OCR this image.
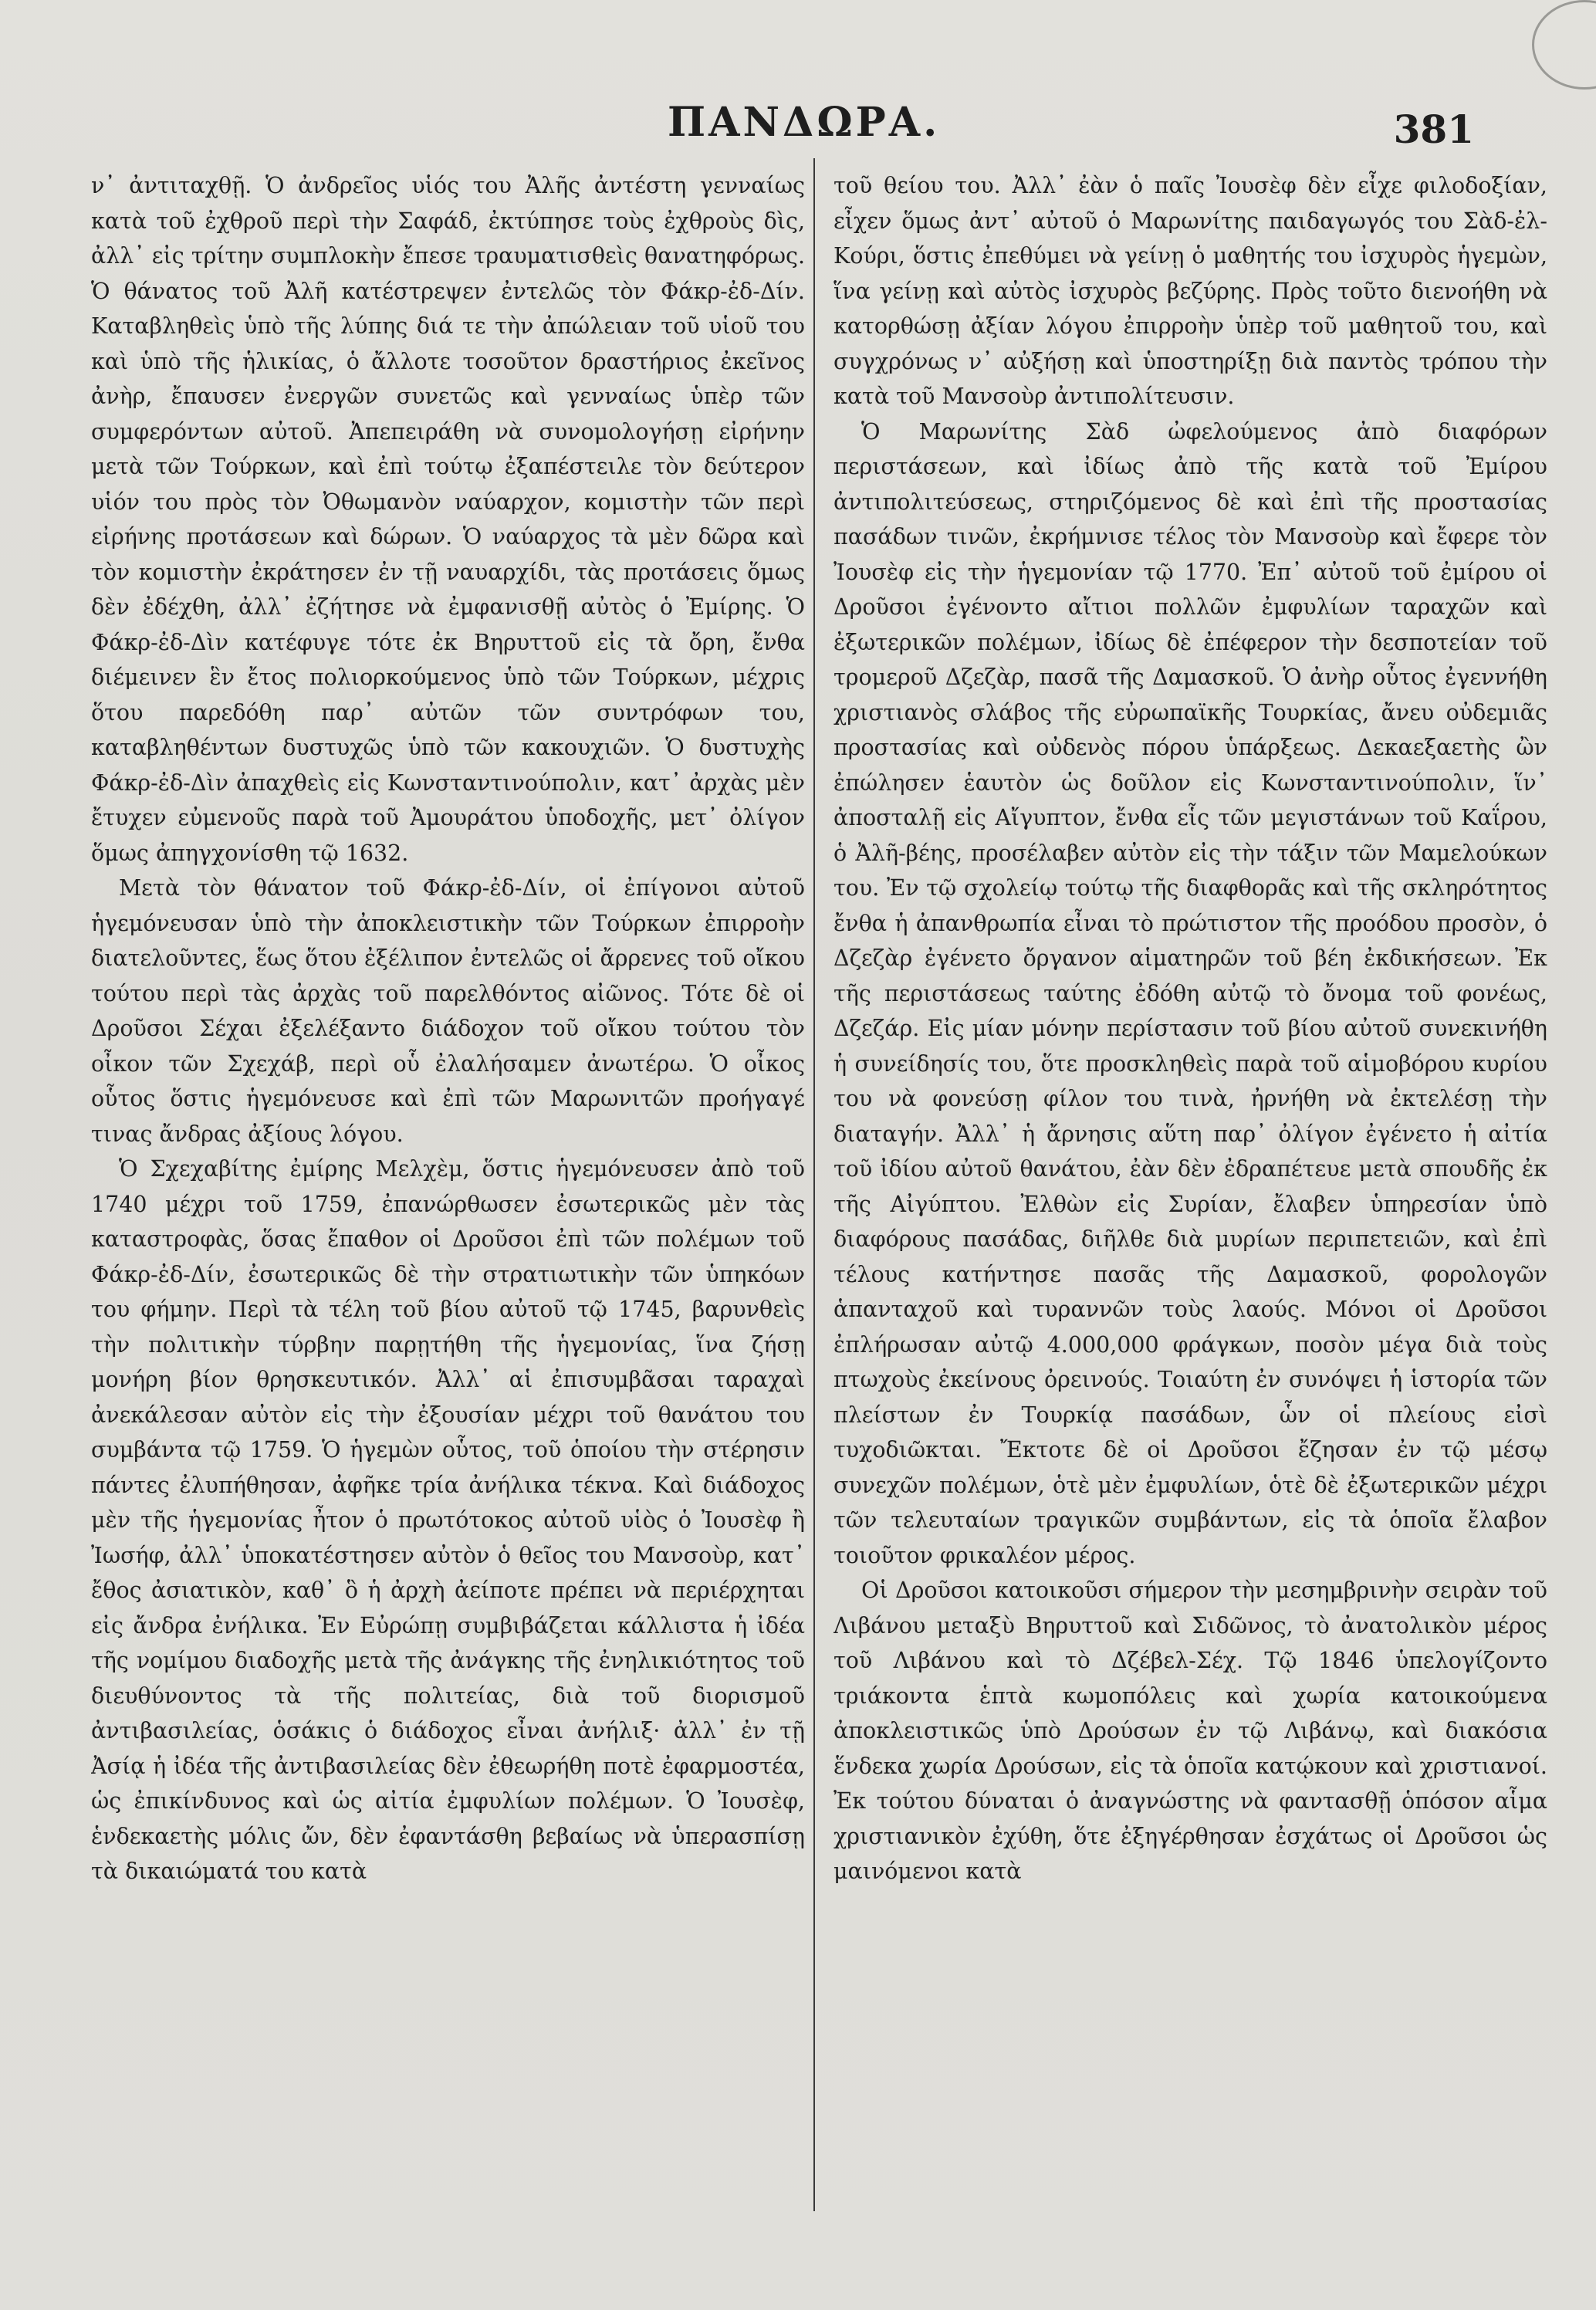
ΠΑΝΔΩΡΑ.	381

ν᾽ ἀντιταχθῇ. Ὁ ἀνδρεῖος υἱός του Ἀλῆς ἀντέστη γενναίως κατὰ τοῦ ἐχθροῦ περὶ τὴν Σαφάδ, ἐκτύπησε τοὺς ἐχθροὺς δὶς, ἀλλ᾽ εἰς τρίτην συμπλοκὴν ἔπεσε τραυματισθεὶς θανατηφόρως. Ὁ θάνατος τοῦ Ἀλῆ κατέστρεψεν ἐντελῶς τὸν Φάκρ-ἐδ-Δίν. Καταβληθεὶς ὑπὸ τῆς λύπης διά τε τὴν ἀπώλειαν τοῦ υἱοῦ του καὶ ὑπὸ τῆς ἡλικίας, ὁ ἄλλοτε τοσοῦτον δραστήριος ἐκεῖνος ἀνὴρ, ἔπαυσεν ἐνεργῶν συνετῶς καὶ γενναίως ὑπὲρ τῶν συμφερόντων αὐτοῦ. Ἀπεπειράθη νὰ συνομολογήσῃ εἰρήνην μετὰ τῶν Τούρκων, καὶ ἐπὶ τούτῳ ἐξαπέστειλε τὸν δεύτερον υἱόν του πρὸς τὸν Ὀθωμανὸν ναύαρχον, κομιστὴν τῶν περὶ εἰρήνης προτάσεων καὶ δώρων. Ὁ ναύαρχος τὰ μὲν δῶρα καὶ τὸν κομιστὴν ἐκράτησεν ἐν τῇ ναυαρχίδι, τὰς προτάσεις ὅμως δὲν ἐδέχθη, ἀλλ᾽ ἐζήτησε νὰ ἐμφανισθῇ αὐτὸς ὁ Ἐμίρης. Ὁ Φάκρ-ἐδ-Δὶν κατέφυγε τότε ἐκ Βηρυττοῦ εἰς τὰ ὄρη, ἔνθα διέμεινεν ἓν ἔτος πολιορκούμενος ὑπὸ τῶν Τούρκων, μέχρις ὅτου παρεδόθη παρ᾽ αὐτῶν τῶν συντρόφων του, καταβληθέντων δυστυχῶς ὑπὸ τῶν κακουχιῶν. Ὁ δυστυχὴς Φάκρ-ἐδ-Δὶν ἀπαχθεὶς εἰς Κωνσταντινούπολιν, κατ᾽ ἀρχὰς μὲν ἔτυχεν εὐμενοῦς παρὰ τοῦ Ἀμουράτου ὑποδοχῆς, μετ᾽ ὀλίγον ὅμως ἀπηγχονίσθη τῷ 1632.

Μετὰ τὸν θάνατον τοῦ Φάκρ-ἐδ-Δίν, οἱ ἐπίγονοι αὐτοῦ ἡγεμόνευσαν ὑπὸ τὴν ἀποκλειστικὴν τῶν Τούρκων ἐπιρροὴν διατελοῦντες, ἕως ὅτου ἐξέλιπον ἐντελῶς οἱ ἄρρενες τοῦ οἴκου τούτου περὶ τὰς ἀρχὰς τοῦ παρελθόντος αἰῶνος. Τότε δὲ οἱ Δροῦσοι Σέχαι ἐξελέξαντο διάδοχον τοῦ οἴκου τούτου τὸν οἶκον τῶν Σχεχάβ, περὶ οὗ ἐλαλήσαμεν ἀνωτέρω. Ὁ οἶκος οὗτος ὅστις ἡγεμόνευσε καὶ ἐπὶ τῶν Μαρωνιτῶν προήγαγέ τινας ἄνδρας ἀξίους λόγου.

Ὁ Σχεχαβίτης ἐμίρης Μελχὲμ, ὅστις ἡγεμόνευσεν ἀπὸ τοῦ 1740 μέχρι τοῦ 1759, ἐπανώρθωσεν ἐσωτερικῶς μὲν τὰς καταστροφὰς, ὅσας ἔπαθον οἱ Δροῦσοι ἐπὶ τῶν πολέμων τοῦ Φάκρ-ἐδ-Δίν, ἐσωτερικῶς δὲ τὴν στρατιωτικὴν τῶν ὑπηκόων του φήμην. Περὶ τὰ τέλη τοῦ βίου αὐτοῦ τῷ 1745, βαρυνθεὶς τὴν πολιτικὴν τύρβην παρῃτήθη τῆς ἡγεμονίας, ἵνα ζήσῃ μονήρη βίον θρησκευτικόν. Ἀλλ᾽ αἱ ἐπισυμβᾶσαι ταραχαὶ ἀνεκάλεσαν αὐτὸν εἰς τὴν ἐξουσίαν μέχρι τοῦ θανάτου του συμβάντα τῷ 1759. Ὁ ἡγεμὼν οὗτος, τοῦ ὁποίου τὴν στέρησιν πάντες ἐλυπήθησαν, ἀφῆκε τρία ἀνήλικα τέκνα. Καὶ διάδοχος μὲν τῆς ἡγεμονίας ἦτον ὁ πρωτότοκος αὐτοῦ υἱὸς ὁ Ἰουσὲφ ἢ Ἰωσήφ, ἀλλ᾽ ὑποκατέστησεν αὐτὸν ὁ θεῖος του Μανσοὺρ, κατ᾽ ἔθος ἀσιατικὸν, καθ᾽ ὃ ἡ ἀρχὴ ἀείποτε πρέπει νὰ περιέρχηται εἰς ἄνδρα ἐνήλικα. Ἐν Εὐρώπῃ συμβιβάζεται κάλλιστα ἡ ἰδέα τῆς νομίμου διαδοχῆς μετὰ τῆς ἀνάγκης τῆς ἐνηλικιότητος τοῦ διευθύνοντος τὰ τῆς πολιτείας, διὰ τοῦ διορισμοῦ ἀντιβασιλείας, ὁσάκις ὁ διάδοχος εἶναι ἀνήλιξ· ἀλλ᾽ ἐν τῇ Ἀσίᾳ ἡ ἰδέα τῆς ἀντιβασιλείας δὲν ἐθεωρήθη ποτὲ ἐφαρμοστέα, ὡς ἐπικίνδυνος καὶ ὡς αἰτία ἐμφυλίων πολέμων. Ὁ Ἰουσὲφ, ἑνδεκαετὴς μόλις ὤν, δὲν ἐφαντάσθη βεβαίως νὰ ὑπερασπίσῃ τὰ δικαιώματά του κατὰ

τοῦ θείου του. Ἀλλ᾽ ἐὰν ὁ παῖς Ἰουσὲφ δὲν εἶχε φιλοδοξίαν, εἶχεν ὅμως ἀντ᾽ αὐτοῦ ὁ Μαρωνίτης παιδαγωγός του Σὰδ-ἐλ-Κούρι, ὅστις ἐπεθύμει νὰ γείνῃ ὁ μαθητής του ἰσχυρὸς ἡγεμὼν, ἵνα γείνῃ καὶ αὐτὸς ἰσχυρὸς βεζύρης. Πρὸς τοῦτο διενοήθη νὰ κατορθώσῃ ἀξίαν λόγου ἐπιρροὴν ὑπὲρ τοῦ μαθητοῦ του, καὶ συγχρόνως ν᾽ αὐξήσῃ καὶ ὑποστηρίξῃ διὰ παντὸς τρόπου τὴν κατὰ τοῦ Μανσοὺρ ἀντιπολίτευσιν.

Ὁ Μαρωνίτης Σὰδ ὠφελούμενος ἀπὸ διαφόρων περιστάσεων, καὶ ἰδίως ἀπὸ τῆς κατὰ τοῦ Ἐμίρου ἀντιπολιτεύσεως, στηριζόμενος δὲ καὶ ἐπὶ τῆς προστασίας πασάδων τινῶν, ἐκρήμνισε τέλος τὸν Μανσοὺρ καὶ ἔφερε τὸν Ἰουσὲφ εἰς τὴν ἡγεμονίαν τῷ 1770. Ἐπ᾽ αὐτοῦ τοῦ ἐμίρου οἱ Δροῦσοι ἐγένοντο αἴτιοι πολλῶν ἐμφυλίων ταραχῶν καὶ ἐξωτερικῶν πολέμων, ἰδίως δὲ ἐπέφερον τὴν δεσποτείαν τοῦ τρομεροῦ Δζεζὰρ, πασᾶ τῆς Δαμασκοῦ. Ὁ ἀνὴρ οὗτος ἐγεννήθη χριστιανὸς σλάβος τῆς εὐρωπαϊκῆς Τουρκίας, ἄνευ οὐδεμιᾶς προστασίας καὶ οὐδενὸς πόρου ὑπάρξεως. Δεκαεξαετὴς ὢν ἐπώλησεν ἑαυτὸν ὡς δοῦλον εἰς Κωνσταντινούπολιν, ἵν᾽ ἀποσταλῇ εἰς Αἴγυπτον, ἔνθα εἷς τῶν μεγιστάνων τοῦ Καΐρου, ὁ Ἀλῆ-βέης, προσέλαβεν αὐτὸν εἰς τὴν τάξιν τῶν Μαμελούκων του. Ἐν τῷ σχολείῳ τούτῳ τῆς διαφθορᾶς καὶ τῆς σκληρότητος ἔνθα ἡ ἀπανθρωπία εἶναι τὸ πρώτιστον τῆς προόδου προσὸν, ὁ Δζεζὰρ ἐγένετο ὄργανον αἱματηρῶν τοῦ βέη ἐκδικήσεων. Ἐκ τῆς περιστάσεως ταύτης ἐδόθη αὐτῷ τὸ ὄνομα τοῦ φονέως, Δζεζάρ. Εἰς μίαν μόνην περίστασιν τοῦ βίου αὐτοῦ συνεκινήθη ἡ συνείδησίς του, ὅτε προσκληθεὶς παρὰ τοῦ αἱμοβόρου κυρίου του νὰ φονεύσῃ φίλον του τινὰ, ἠρνήθη νὰ ἐκτελέσῃ τὴν διαταγήν. Ἀλλ᾽ ἡ ἄρνησις αὕτη παρ᾽ ὀλίγον ἐγένετο ἡ αἰτία τοῦ ἰδίου αὐτοῦ θανάτου, ἐὰν δὲν ἐδραπέτευε μετὰ σπουδῆς ἐκ τῆς Αἰγύπτου. Ἐλθὼν εἰς Συρίαν, ἔλαβεν ὑπηρεσίαν ὑπὸ διαφόρους πασάδας, διῆλθε διὰ μυρίων περιπετειῶν, καὶ ἐπὶ τέλους κατήντησε πασᾶς τῆς Δαμασκοῦ, φορολογῶν ἁπανταχοῦ καὶ τυραννῶν τοὺς λαούς. Μόνοι οἱ Δροῦσοι ἐπλήρωσαν αὐτῷ 4.000,000 φράγκων, ποσὸν μέγα διὰ τοὺς πτωχοὺς ἐκείνους ὀρεινούς. Τοιαύτη ἐν συνόψει ἡ ἱστορία τῶν πλείστων ἐν Τουρκίᾳ πασάδων, ὧν οἱ πλείους εἰσὶ τυχοδιῶκται. Ἔκτοτε δὲ οἱ Δροῦσοι ἔζησαν ἐν τῷ μέσῳ συνεχῶν πολέμων, ὁτὲ μὲν ἐμφυλίων, ὁτὲ δὲ ἐξωτερικῶν μέχρι τῶν τελευταίων τραγικῶν συμβάντων, εἰς τὰ ὁποῖα ἔλαβον τοιοῦτον φρικαλέον μέρος.

Οἱ Δροῦσοι κατοικοῦσι σήμερον τὴν μεσημβρινὴν σειρὰν τοῦ Λιβάνου μεταξὺ Βηρυττοῦ καὶ Σιδῶνος, τὸ ἀνατολικὸν μέρος τοῦ Λιβάνου καὶ τὸ Δζέβελ-Σέχ. Τῷ 1846 ὑπελογίζοντο τριάκοντα ἑπτὰ κωμοπόλεις καὶ χωρία κατοικούμενα ἀποκλειστικῶς ὑπὸ Δρούσων ἐν τῷ Λιβάνῳ, καὶ διακόσια ἕνδεκα χωρία Δρούσων, εἰς τὰ ὁποῖα κατῴκουν καὶ χριστιανοί. Ἐκ τούτου δύναται ὁ ἀναγνώστης νὰ φαντασθῇ ὁπόσον αἷμα χριστιανικὸν ἐχύθη, ὅτε ἐξηγέρθησαν ἐσχάτως οἱ Δροῦσοι ὡς μαινόμενοι κατὰ
